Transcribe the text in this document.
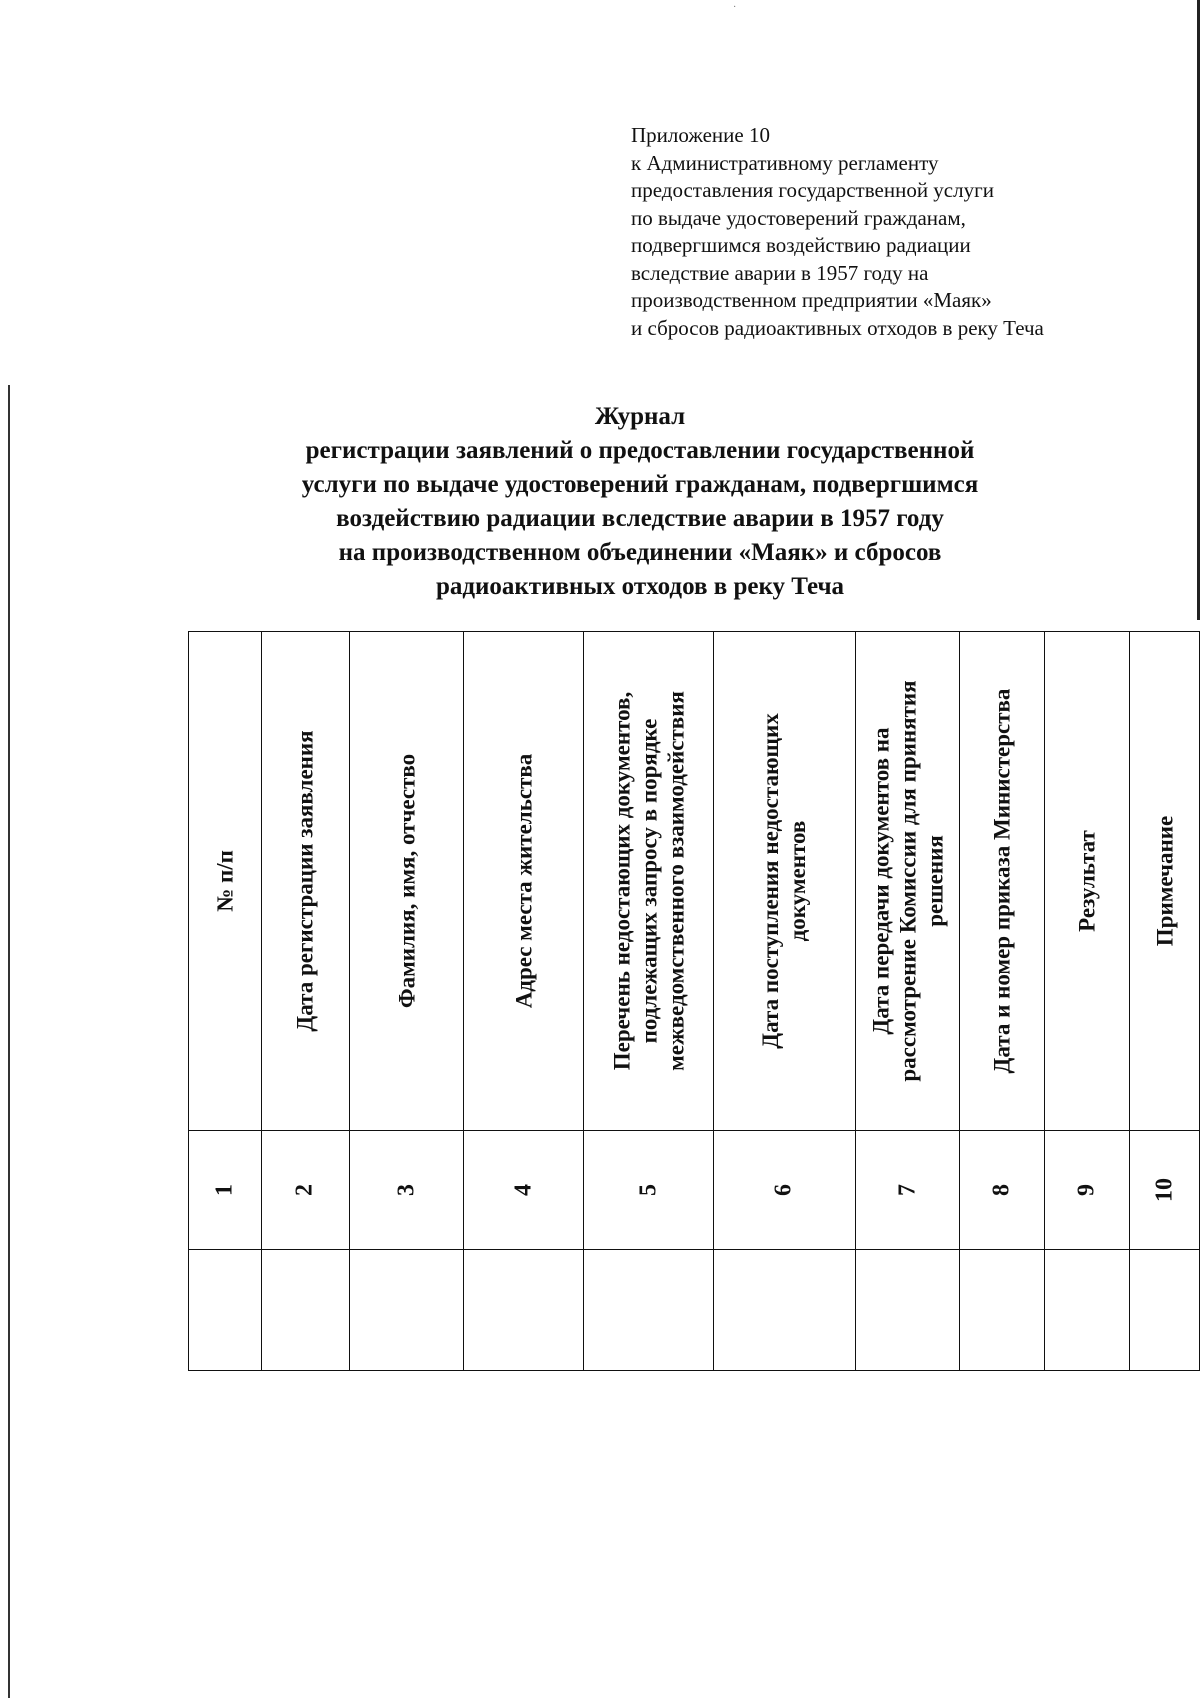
·
Приложение 10
к Административному регламенту
предоставления государственной услуги
по выдаче удостоверений гражданам,
подвергшимся воздействию радиации
вследствие аварии в 1957 году на
производственном предприятии «Маяк»
и сбросов радиоактивных отходов в реку Теча
Журнал
регистрации заявлений о предоставлении государственной
услуги по выдаче удостоверений гражданам, подвергшимся
воздействию радиации вследствие аварии в 1957 году
на производственном объединении «Маяк» и сбросов
радиоактивных отходов в реку Теча
№ п/п	Дата регистрации заявления	Фамилия, имя, отчество	Адрес места жительства	Перечень недостающих документов, подлежащих запросу в порядке межведомственного взаимодействия	Дата поступления недостающих документов	Дата передачи документов на рассмотрение Комиссии для принятия решения	Дата и номер приказа Министерства	Результат	Примечание

1	2	3	4	5	6	7	8	9	10
